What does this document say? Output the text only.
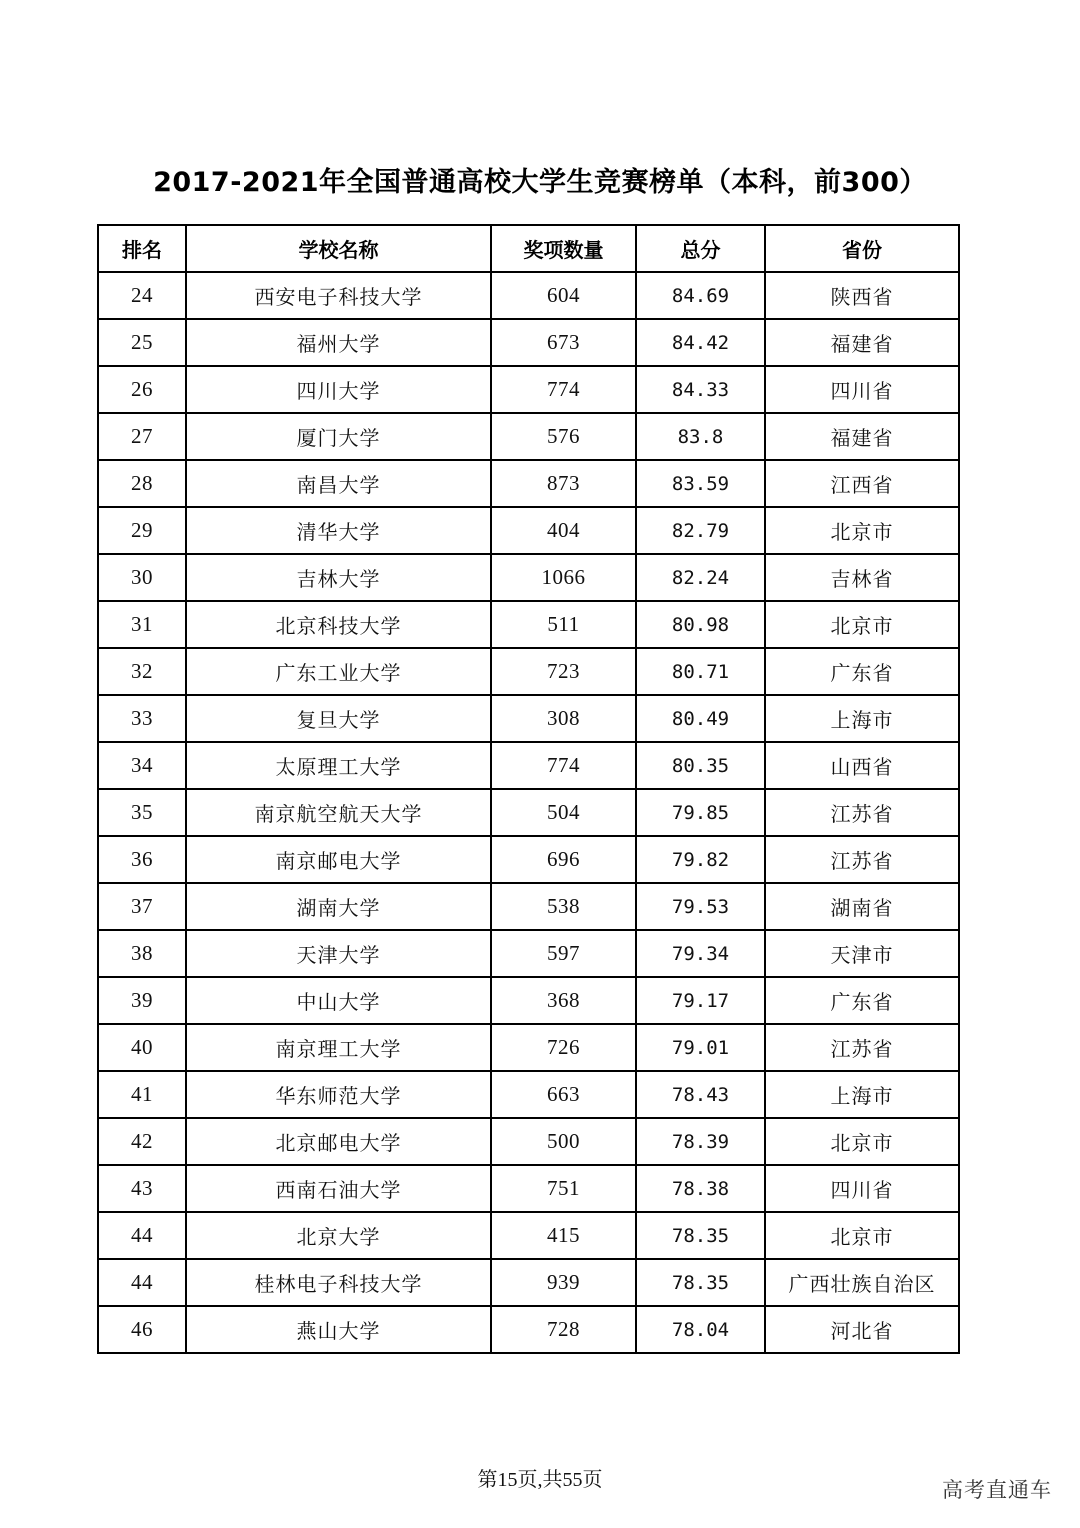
2017-2021年全国普通高校大学生竞赛榜单（本科，前300）
排名	学校名称	奖项数量	总分	省份
24	西安电子科技大学	604	84.69	陕西省
25	福州大学	673	84.42	福建省
26	四川大学	774	84.33	四川省
27	厦门大学	576	83.8	福建省
28	南昌大学	873	83.59	江西省
29	清华大学	404	82.79	北京市
30	吉林大学	1066	82.24	吉林省
31	北京科技大学	511	80.98	北京市
32	广东工业大学	723	80.71	广东省
33	复旦大学	308	80.49	上海市
34	太原理工大学	774	80.35	山西省
35	南京航空航天大学	504	79.85	江苏省
36	南京邮电大学	696	79.82	江苏省
37	湖南大学	538	79.53	湖南省
38	天津大学	597	79.34	天津市
39	中山大学	368	79.17	广东省
40	南京理工大学	726	79.01	江苏省
41	华东师范大学	663	78.43	上海市
42	北京邮电大学	500	78.39	北京市
43	西南石油大学	751	78.38	四川省
44	北京大学	415	78.35	北京市
44	桂林电子科技大学	939	78.35	广西壮族自治区
46	燕山大学	728	78.04	河北省
第15页,共55页	高考直通车
